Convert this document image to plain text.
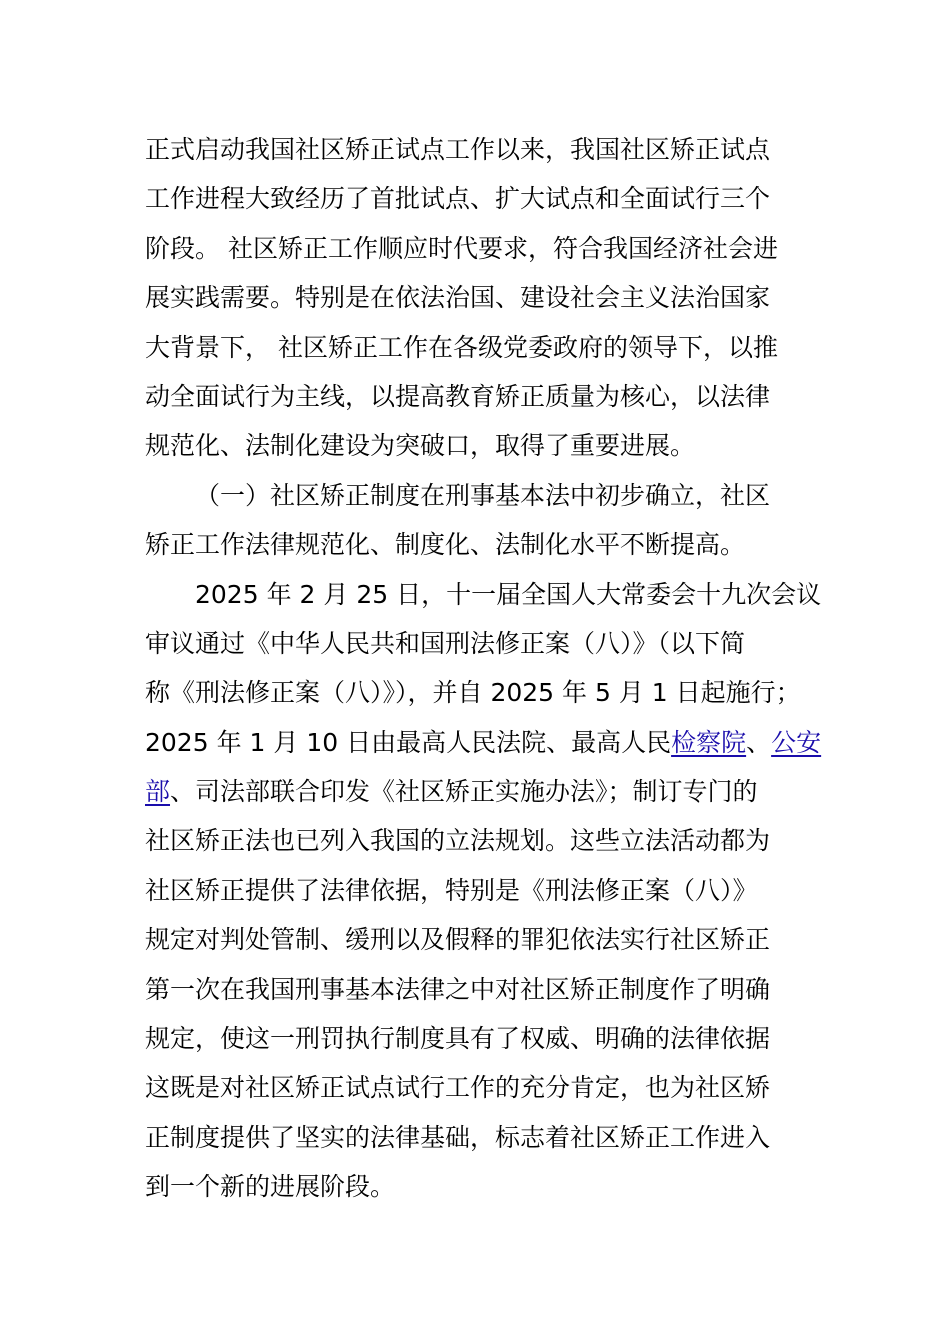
正式启动我国社区矫正试点工作以来，我国社区矫正试点
工作进程大致经历了首批试点、扩大试点和全面试行三个
阶段。 社区矫正工作顺应时代要求，符合我国经济社会进
展实践需要。特别是在依法治国、建设社会主义法治国家
大背景下， 社区矫正工作在各级党委政府的领导下，以推
动全面试行为主线，以提高教育矫正质量为核心，以法律
规范化、法制化建设为突破口，取得了重要进展。
（一）社区矫正制度在刑事基本法中初步确立，社区
矫正工作法律规范化、制度化、法制化水平不断提高。
2025 年 2 月 25 日，十一届全国人大常委会十九次会议
审议通过《中华人民共和国刑法修正案（八）》（以下简
称《刑法修正案（八）》），并自 2025 年 5 月 1 日起施行；
2025 年 1 月 10 日由最高人民法院、最高人民检察院、公安
部、司法部联合印发《社区矫正实施办法》；制订专门的
社区矫正法也已列入我国的立法规划。这些立法活动都为
社区矫正提供了法律依据，特别是《刑法修正案（八）》
规定对判处管制、缓刑以及假释的罪犯依法实行社区矫正
第一次在我国刑事基本法律之中对社区矫正制度作了明确
规定，使这一刑罚执行制度具有了权威、明确的法律依据
这既是对社区矫正试点试行工作的充分肯定，也为社区矫
正制度提供了坚实的法律基础，标志着社区矫正工作进入
到一个新的进展阶段。
